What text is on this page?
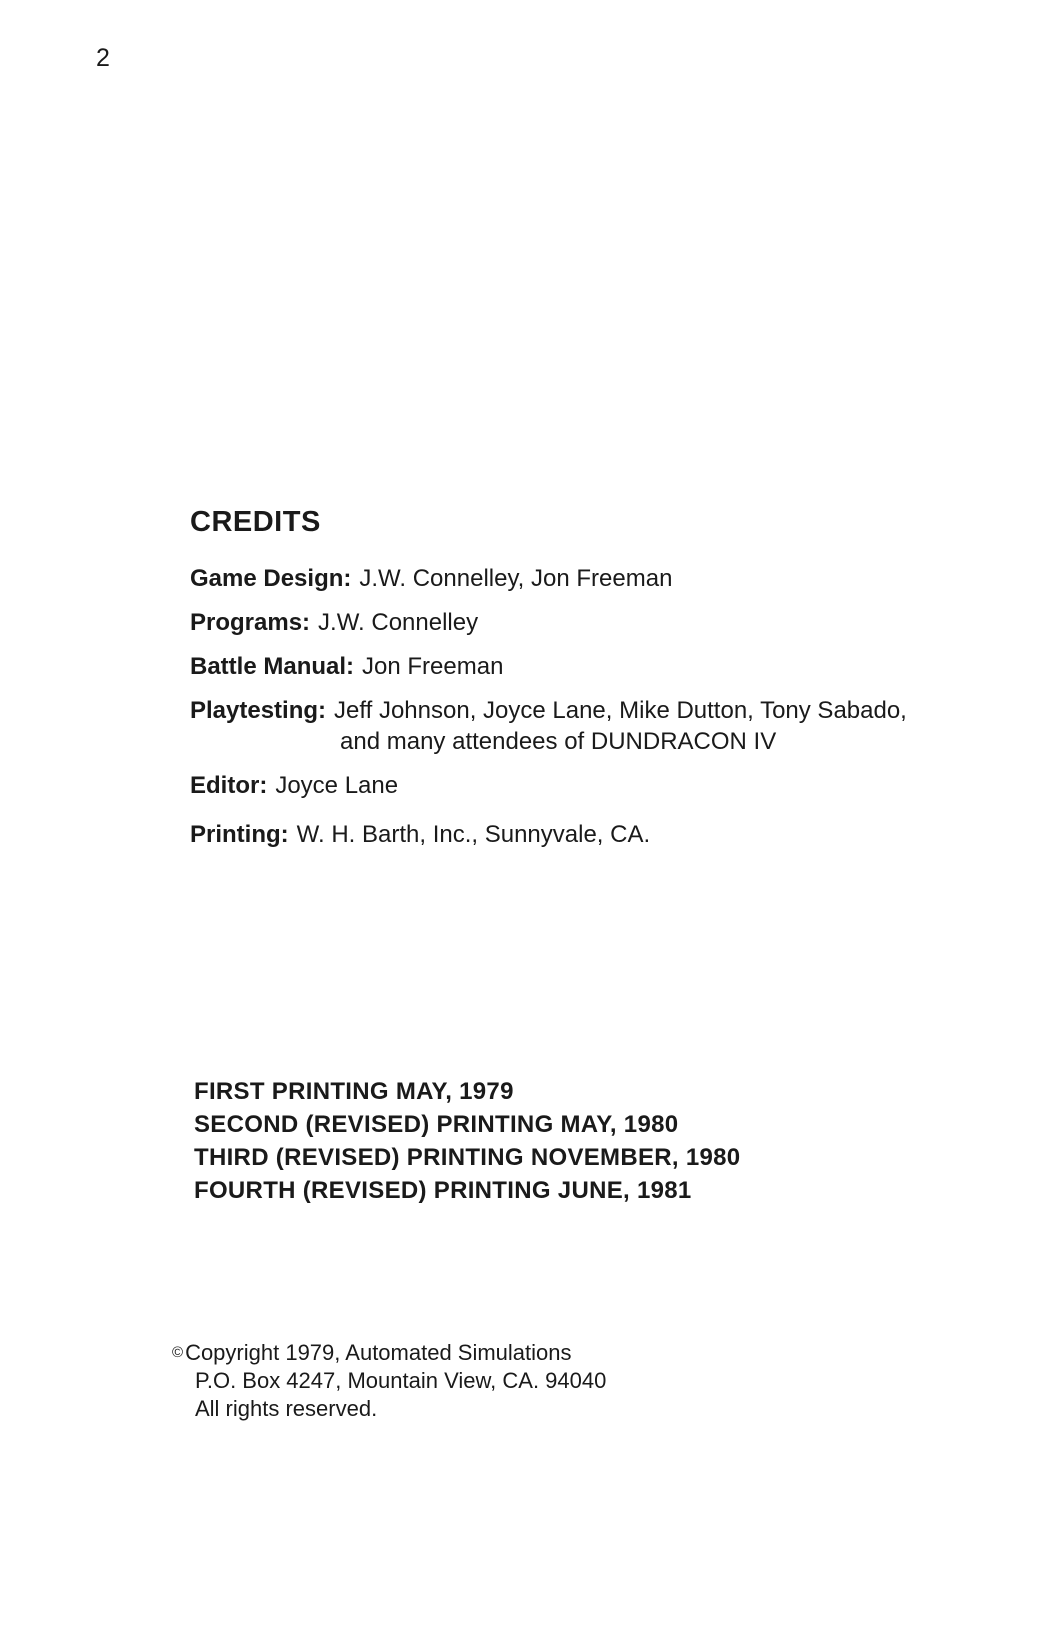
2
CREDITS
Game Design: J.W. Connelley, Jon Freeman
Programs: J.W. Connelley
Battle Manual: Jon Freeman
Playtesting: Jeff Johnson, Joyce Lane, Mike Dutton, Tony Sabado,
and many attendees of DUNDRACON IV
Editor: Joyce Lane
Printing: W. H. Barth, Inc., Sunnyvale, CA.
FIRST PRINTING MAY, 1979
SECOND (REVISED) PRINTING MAY, 1980
THIRD (REVISED) PRINTING NOVEMBER, 1980
FOURTH (REVISED) PRINTING JUNE, 1981
©Copyright 1979, Automated Simulations
P.O. Box 4247, Mountain View, CA. 94040
All rights reserved.
